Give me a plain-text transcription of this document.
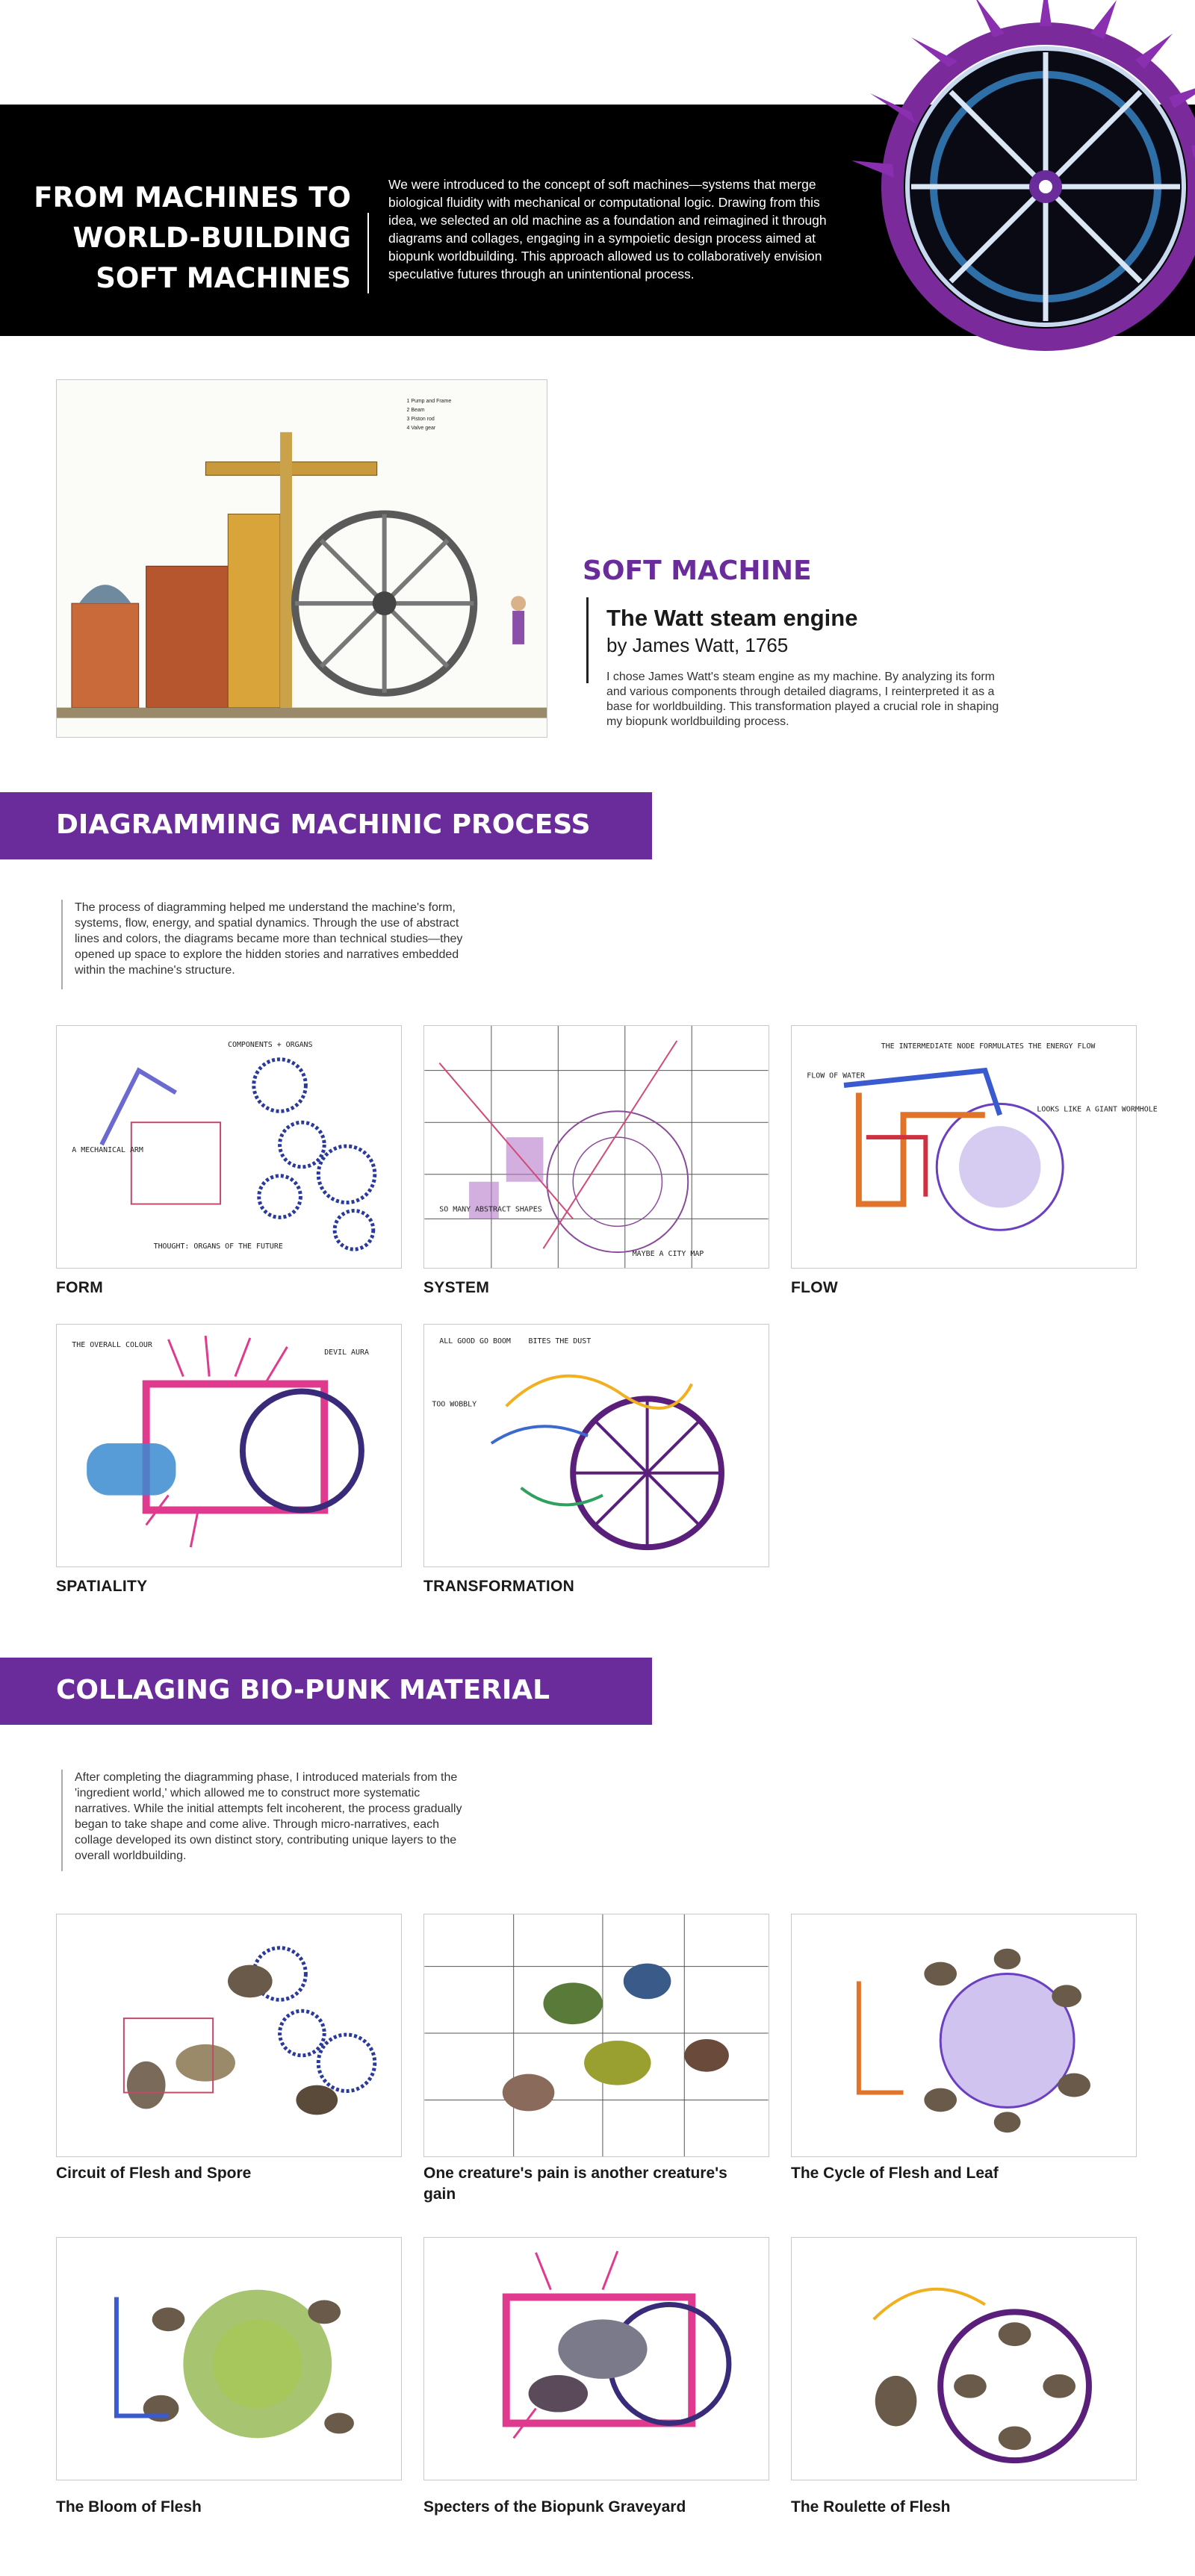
FROM MACHINES TO
WORLD-BUILDING
SOFT MACHINES

We were introduced to the concept of soft machines—systems that merge biological fluidity with mechanical or computational logic. Drawing from this idea, we selected an old machine as a foundation and reimagined it through diagrams and collages, engaging in a sympoietic design process aimed at biopunk worldbuilding. This approach allowed us to collaboratively envision speculative futures through an unintentional process.

1 Pump and Frame
2 Beam
3 Piston rod
4 Valve gear
SOFT MACHINE
The Watt steam engine
by James Watt, 1765

I chose James Watt's steam engine as my machine. By analyzing its form and various components through detailed diagrams, I reinterpreted it as a base for worldbuilding. This transformation played a crucial role in shaping my biopunk worldbuilding process.

DIAGRAMMING MACHINIC PROCESS

The process of diagramming helped me understand the machine's form, systems, flow, energy, and spatial dynamics. Through the use of abstract lines and colors, the diagrams became more than technical studies—they opened up space to explore the hidden stories and narratives embedded within the machine's structure.

COMPONENTS + ORGANS
A MECHANICAL ARM
THOUGHT: ORGANS OF THE FUTURE
SO MANY ABSTRACT SHAPES
MAYBE A CITY MAP
THE INTERMEDIATE NODE FORMULATES THE ENERGY FLOW
FLOW OF WATER
LOOKS LIKE A GIANT WORMHOLE
FORM	SYSTEM	FLOW
THE OVERALL COLOUR
DEVIL AURA
ALL GOOD GO BOOM BITES THE DUST
TOO WOBBLY
SPATIALITY	TRANSFORMATION
COLLAGING BIO-PUNK MATERIAL

After completing the diagramming phase, I introduced materials from the 'ingredient world,' which allowed me to construct more systematic narratives. While the initial attempts felt incoherent, the process gradually began to take shape and come alive. Through micro-narratives, each collage developed its own distinct story, contributing unique layers to the overall worldbuilding.

Circuit of Flesh and Spore	One creature's pain is another creature's gain
The Cycle of Flesh and Leaf
The Bloom of Flesh	Specters of the Biopunk Graveyard	The Roulette of Flesh
